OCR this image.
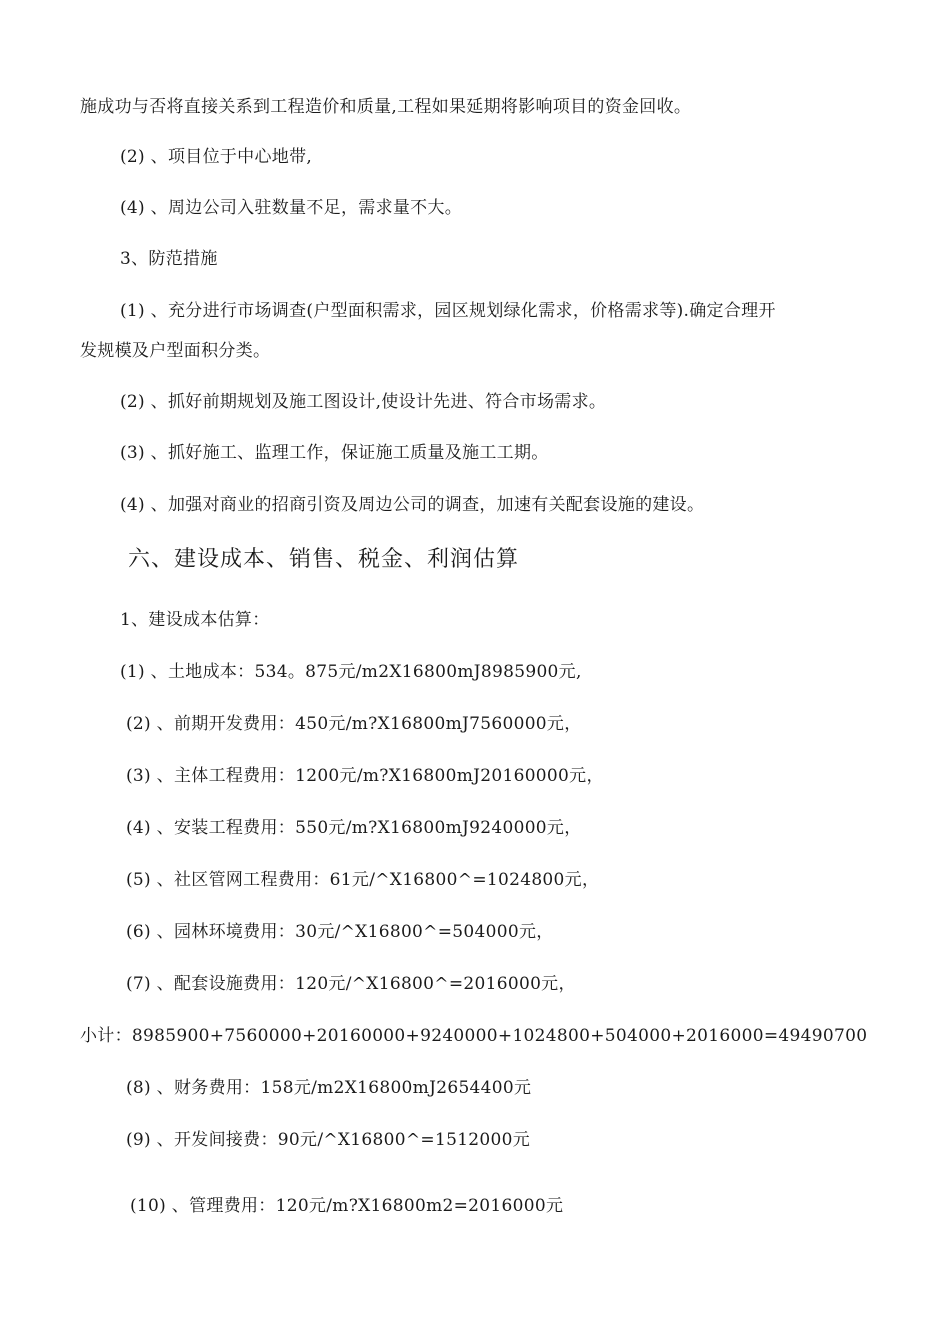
施成功与否将直接关系到工程造价和质量,工程如果延期将影响项目的资金回收。
(2) 、项目位于中心地带,
(4) 、周边公司入驻数量不足，需求量不大。
3、防范措施
(1) 、充分进行市场调查(户型面积需求，园区规划绿化需求，价格需求等).确定合理开
发规模及户型面积分类。
(2) 、抓好前期规划及施工图设计,使设计先进、符合市场需求。
(3) 、抓好施工、监理工作，保证施工质量及施工工期。
(4) 、加强对商业的招商引资及周边公司的调查，加速有关配套设施的建设。
六、建设成本、销售、税金、利润估算
1、建设成本估算：
(1) 、土地成本：534。875元/m2X16800mJ8985900元,
(2) 、前期开发费用：450元/m?X16800mJ7560000元，
(3) 、主体工程费用：1200元/m?X16800mJ20160000元，
(4) 、安装工程费用：550元/m?X16800mJ9240000元，
(5) 、社区管网工程费用：61元/^X16800^=1024800元，
(6) 、园林环境费用：30元/^X16800^=504000元，
(7) 、配套设施费用：120元/^X16800^=2016000元，
小计：8985900+7560000+20160000+9240000+1024800+504000+2016000=49490700
(8) 、财务费用：158元/m2X16800mJ2654400元
(9) 、开发间接费：90元/^X16800^=1512000元
(10) 、管理费用：120元/m?X16800m2=2016000元
